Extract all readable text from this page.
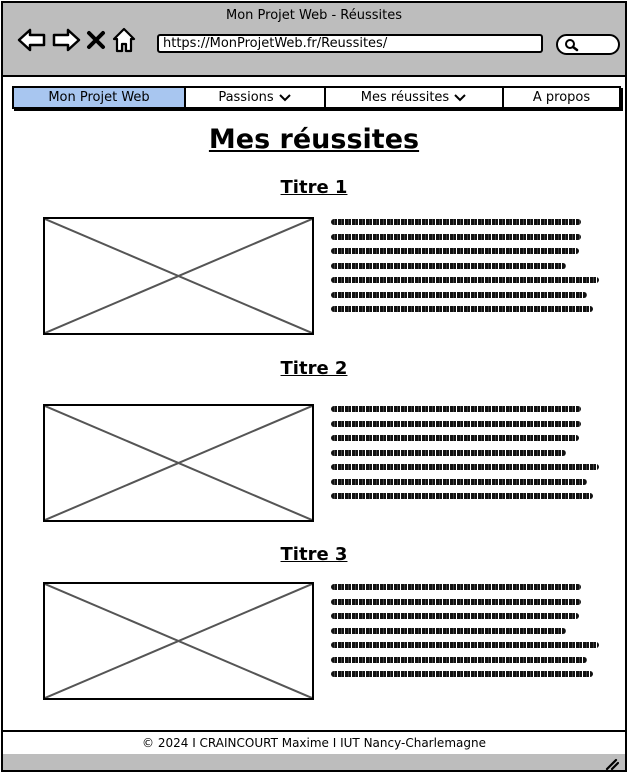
Mon Projet Web - Réussites
https://MonProjetWeb.fr/Reussites/
Mon Projet Web	Passions	Mes réussites	A propos
Mes réussites
Titre 1
Titre 2
Titre 3
© 2024 I CRAINCOURT Maxime I IUT Nancy-Charlemagne
